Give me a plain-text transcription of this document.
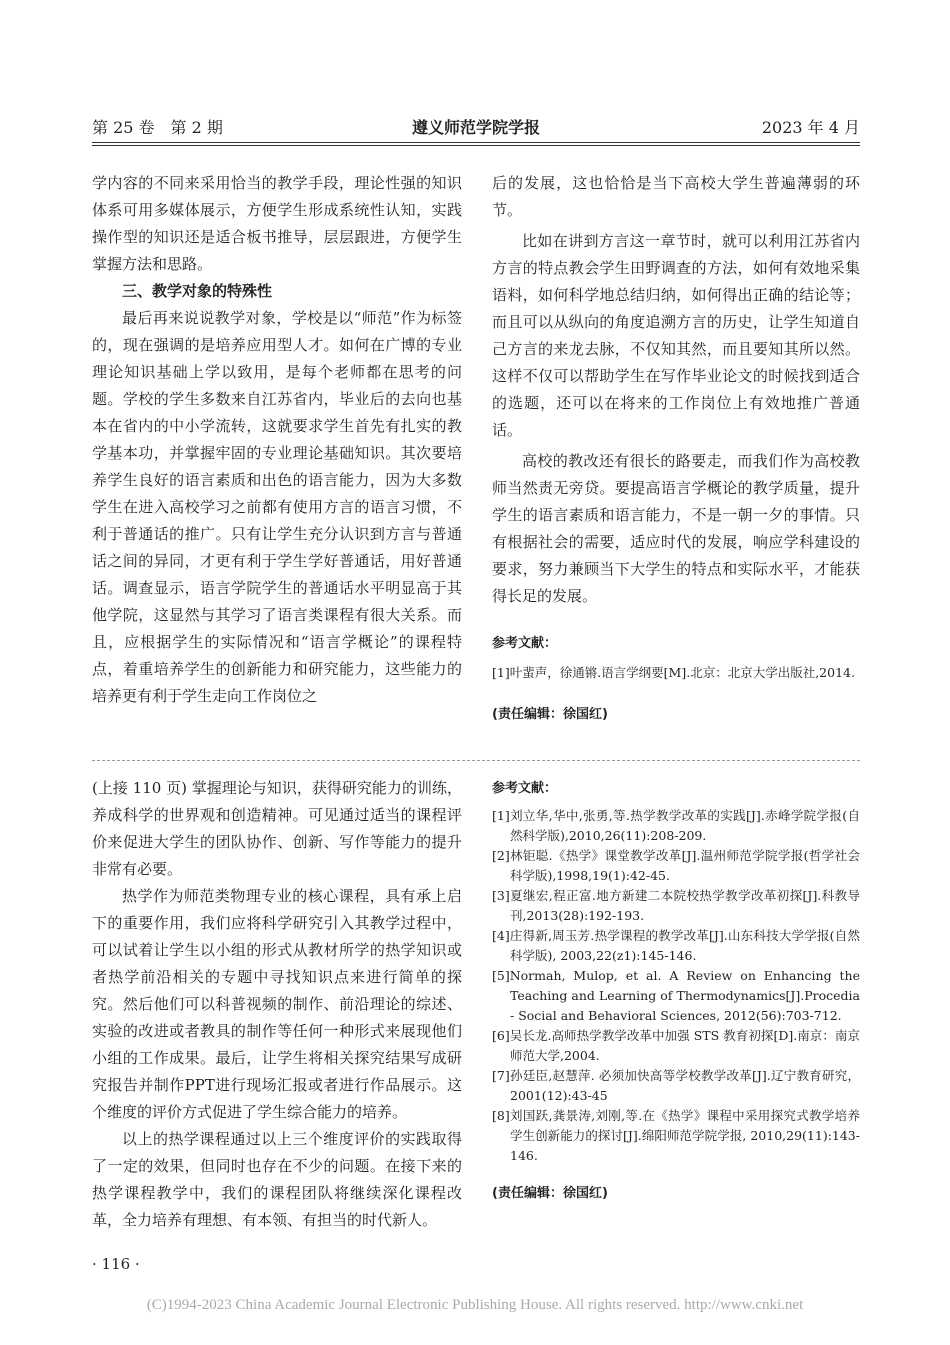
第 25 卷　第 2 期	遵义师范学院学报	2023 年 4 月

学内容的不同来采用恰当的教学手段，理论性强的知识体系可用多媒体展示，方便学生形成系统性认知，实践操作型的知识还是适合板书推导，层层跟进，方便学生掌握方法和思路。

三、教学对象的特殊性

最后再来说说教学对象，学校是以“师范”作为标签的，现在强调的是培养应用型人才。如何在广博的专业理论知识基础上学以致用，是每个老师都在思考的问题。学校的学生多数来自江苏省内，毕业后的去向也基本在省内的中小学流转，这就要求学生首先有扎实的教学基本功，并掌握牢固的专业理论基础知识。其次要培养学生良好的语言素质和出色的语言能力，因为大多数学生在进入高校学习之前都有使用方言的语言习惯，不利于普通话的推广。只有让学生充分认识到方言与普通话之间的异同，才更有利于学生学好普通话，用好普通话。调查显示，语言学院学生的普通话水平明显高于其他学院，这显然与其学习了语言类课程有很大关系。而且，应根据学生的实际情况和“语言学概论”的课程特点，着重培养学生的创新能力和研究能力，这些能力的培养更有利于学生走向工作岗位之

后的发展，这也恰恰是当下高校大学生普遍薄弱的环节。

比如在讲到方言这一章节时，就可以利用江苏省内方言的特点教会学生田野调查的方法，如何有效地采集语料，如何科学地总结归纳，如何得出正确的结论等；而且可以从纵向的角度追溯方言的历史，让学生知道自己方言的来龙去脉，不仅知其然，而且要知其所以然。这样不仅可以帮助学生在写作毕业论文的时候找到适合的选题，还可以在将来的工作岗位上有效地推广普通话。

高校的教改还有很长的路要走，而我们作为高校教师当然责无旁贷。要提高语言学概论的教学质量，提升学生的语言素质和语言能力，不是一朝一夕的事情。只有根据社会的需要，适应时代的发展，响应学科建设的要求，努力兼顾当下大学生的特点和实际水平，才能获得长足的发展。

参考文献：

[1]叶蜚声，徐通锵.语言学纲要[M].北京：北京大学出版社,2014.

(责任编辑：徐国红)

(上接 110 页) 掌握理论与知识，获得研究能力的训练，养成科学的世界观和创造精神。可见通过适当的课程评价来促进大学生的团队协作、创新、写作等能力的提升非常有必要。

热学作为师范类物理专业的核心课程，具有承上启下的重要作用，我们应将科学研究引入其教学过程中，可以试着让学生以小组的形式从教材所学的热学知识或者热学前沿相关的专题中寻找知识点来进行简单的探究。然后他们可以科普视频的制作、前沿理论的综述、实验的改进或者教具的制作等任何一种形式来展现他们小组的工作成果。最后，让学生将相关探究结果写成研究报告并制作PPT进行现场汇报或者进行作品展示。这个维度的评价方式促进了学生综合能力的培养。

以上的热学课程通过以上三个维度评价的实践取得了一定的效果，但同时也存在不少的问题。在接下来的热学课程教学中，我们的课程团队将继续深化课程改革，全力培养有理想、有本领、有担当的时代新人。

参考文献：

[1]刘立华,华中,张勇,等.热学教学改革的实践[J].赤峰学院学报(自然科学版),2010,26(11):208-209.

[2]林钜聪.《热学》课堂教学改革[J].温州师范学院学报(哲学社会科学版),1998,19(1):42-45.

[3]夏继宏,程正富.地方新建二本院校热学教学改革初探[J].科教导刊,2013(28):192-193.

[4]庄得新,周玉芳.热学课程的教学改革[J].山东科技大学学报(自然科学版), 2003,22(z1):145-146.

[5]Normah, Mulop, et al. A Review on Enhancing the Teaching and Learning of Thermodynamics[J].Procedia - Social and Behavioral Sciences, 2012(56):703-712.

[6]吴长龙.高师热学教学改革中加强 STS 教育初探[D].南京：南京师范大学,2004.

[7]孙廷臣,赵慧萍. 必须加快高等学校教学改革[J].辽宁教育研究，2001(12):43-45

[8]刘国跃,龚景涛,刘刚,等.在《热学》课程中采用探究式教学培养学生创新能力的探讨[J].绵阳师范学院学报, 2010,29(11):143-146.

(责任编辑：徐国红)

· 116 ·
(C)1994-2023 China Academic Journal Electronic Publishing House. All rights reserved. http://www.cnki.net
